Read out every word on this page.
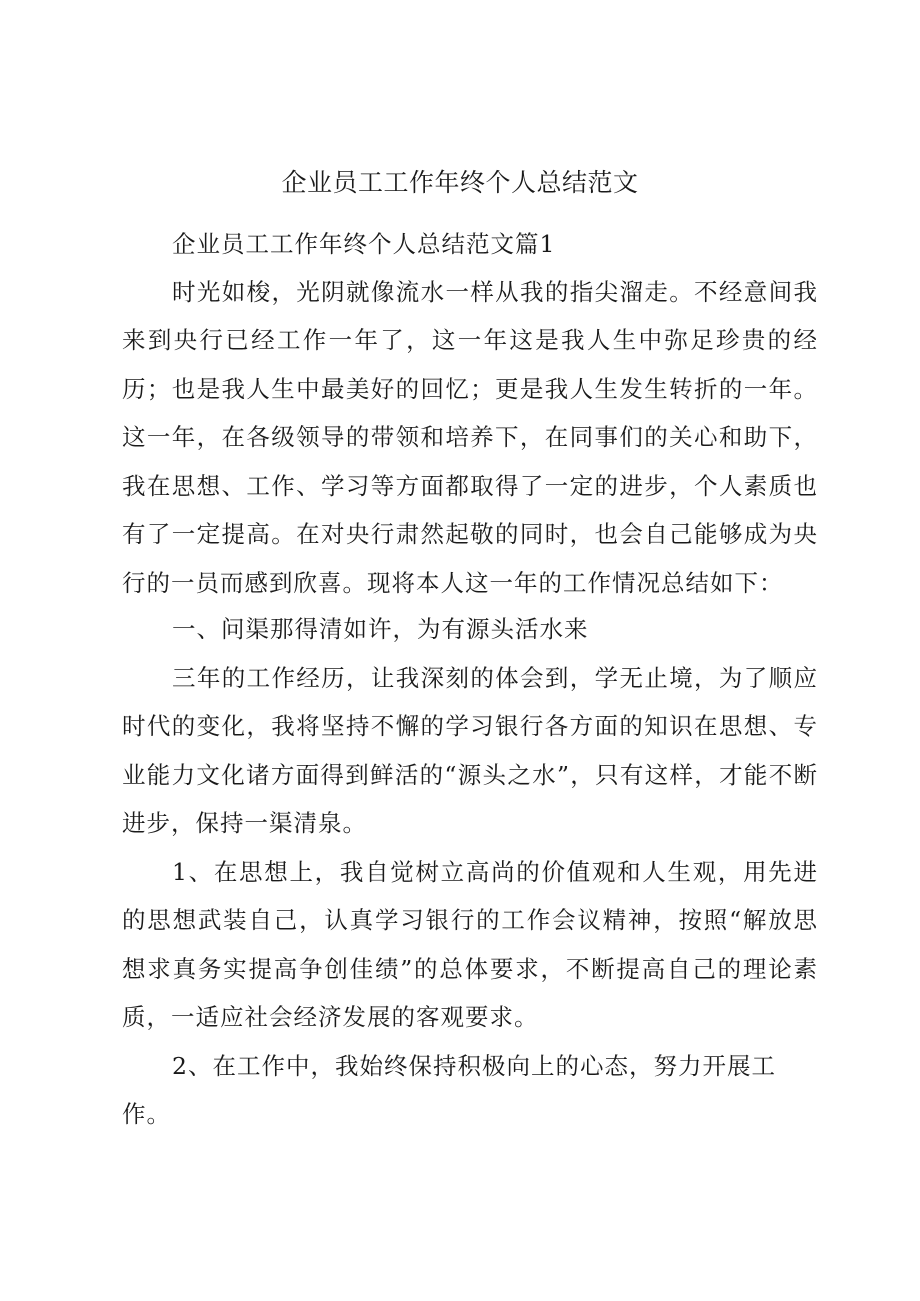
企业员工工作年终个人总结范文

企业员工工作年终个人总结范文篇1

时光如梭，光阴就像流水一样从我的指尖溜走。不经意间我来到央行已经工作一年了，这一年这是我人生中弥足珍贵的经历；也是我人生中最美好的回忆；更是我人生发生转折的一年。这一年，在各级领导的带领和培养下，在同事们的关心和助下，我在思想、工作、学习等方面都取得了一定的进步，个人素质也有了一定提高。在对央行肃然起敬的同时，也会自己能够成为央行的一员而感到欣喜。现将本人这一年的工作情况总结如下：

一、问渠那得清如许，为有源头活水来

三年的工作经历，让我深刻的体会到，学无止境，为了顺应时代的变化，我将坚持不懈的学习银行各方面的知识在思想、专业能力文化诸方面得到鲜活的“源头之水”，只有这样，才能不断进步，保持一渠清泉。

1、在思想上，我自觉树立高尚的价值观和人生观，用先进的思想武装自己，认真学习银行的工作会议精神，按照“解放思想求真务实提高争创佳绩”的总体要求，不断提高自己的理论素质，一适应社会经济发展的客观要求。

2、在工作中，我始终保持积极向上的心态，努力开展工

作。
